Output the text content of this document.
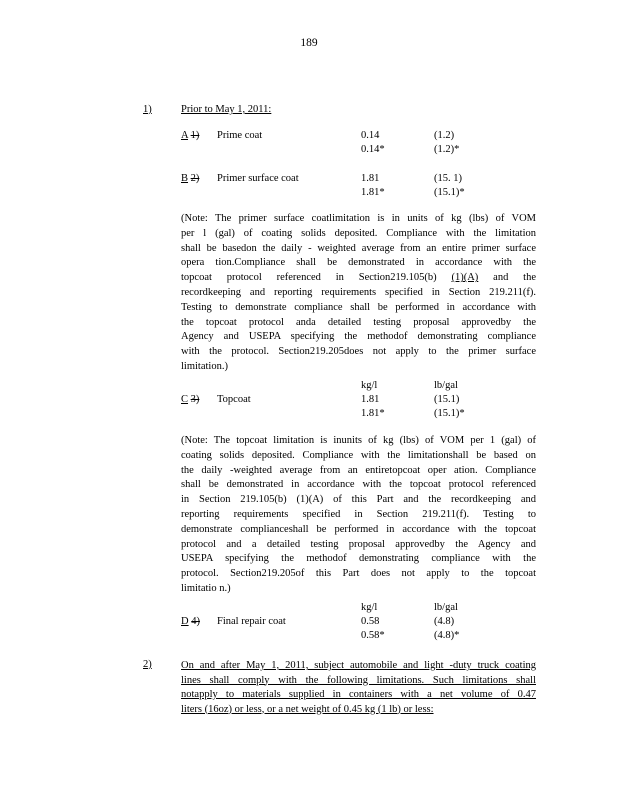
189
1)	Prior to May 1, 2011:
A 1) Prime coat	0.14	(1.2)
0.14*	(1.2)*
B 2) Primer surface coat	1.81	(15. 1)
1.81*	(15.1)*
(Note: The primer surface coatlimitation is in units of kg (lbs) of VOM
per l (gal) of coating solids deposited. Compliance with the limitation
shall be basedon the daily - weighted average from an entire primer surface
opera tion.Compliance shall be demonstrated in accordance with the
topcoat protocol referenced in Section219.105(b) (1)(A) and the
recordkeeping and reporting requirements specified in Section 219.211(f).
Testing to demonstrate compliance shall be performed in accordance with
the topcoat protocol anda detailed testing proposal approvedby the
Agency and USEPA specifying the methodof demonstrating compliance
with the protocol. Section219.205does not apply to the primer surface
limitation.)
kg/l	lb/gal
C 3) Topcoat	1.81	(15.1)
1.81*	(15.1)*
(Note: The topcoat limitation is inunits of kg (lbs) of VOM per 1 (gal) of
coating solids deposited. Compliance with the limitationshall be based on
the daily -weighted average from an entiretopcoat oper ation. Compliance
shall be demonstrated in accordance with the topcoat protocol referenced
in Section 219.105(b) (1)(A) of this Part and the recordkeeping and
reporting requirements specified in Section 219.211(f). Testing to
demonstrate complianceshall be performed in accordance with the topcoat
protocol and a detailed testing proposal approvedby the Agency and
USEPA specifying the methodof demonstrating compliance with the
protocol. Section219.205of this Part does not apply to the topcoat
limitatio n.)
kg/l	lb/gal
D 4) Final repair coat	0.58	(4.8)
0.58*	(4.8)*
2)	On and after May 1, 2011, subject automobile and light -duty truck coating
lines shall comply with the following limitations. Such limitations shall
notapply to materials supplied in containers with a net volume of 0.47
liters (16oz) or less, or a net weight of 0.45 kg (1 lb) or less:
